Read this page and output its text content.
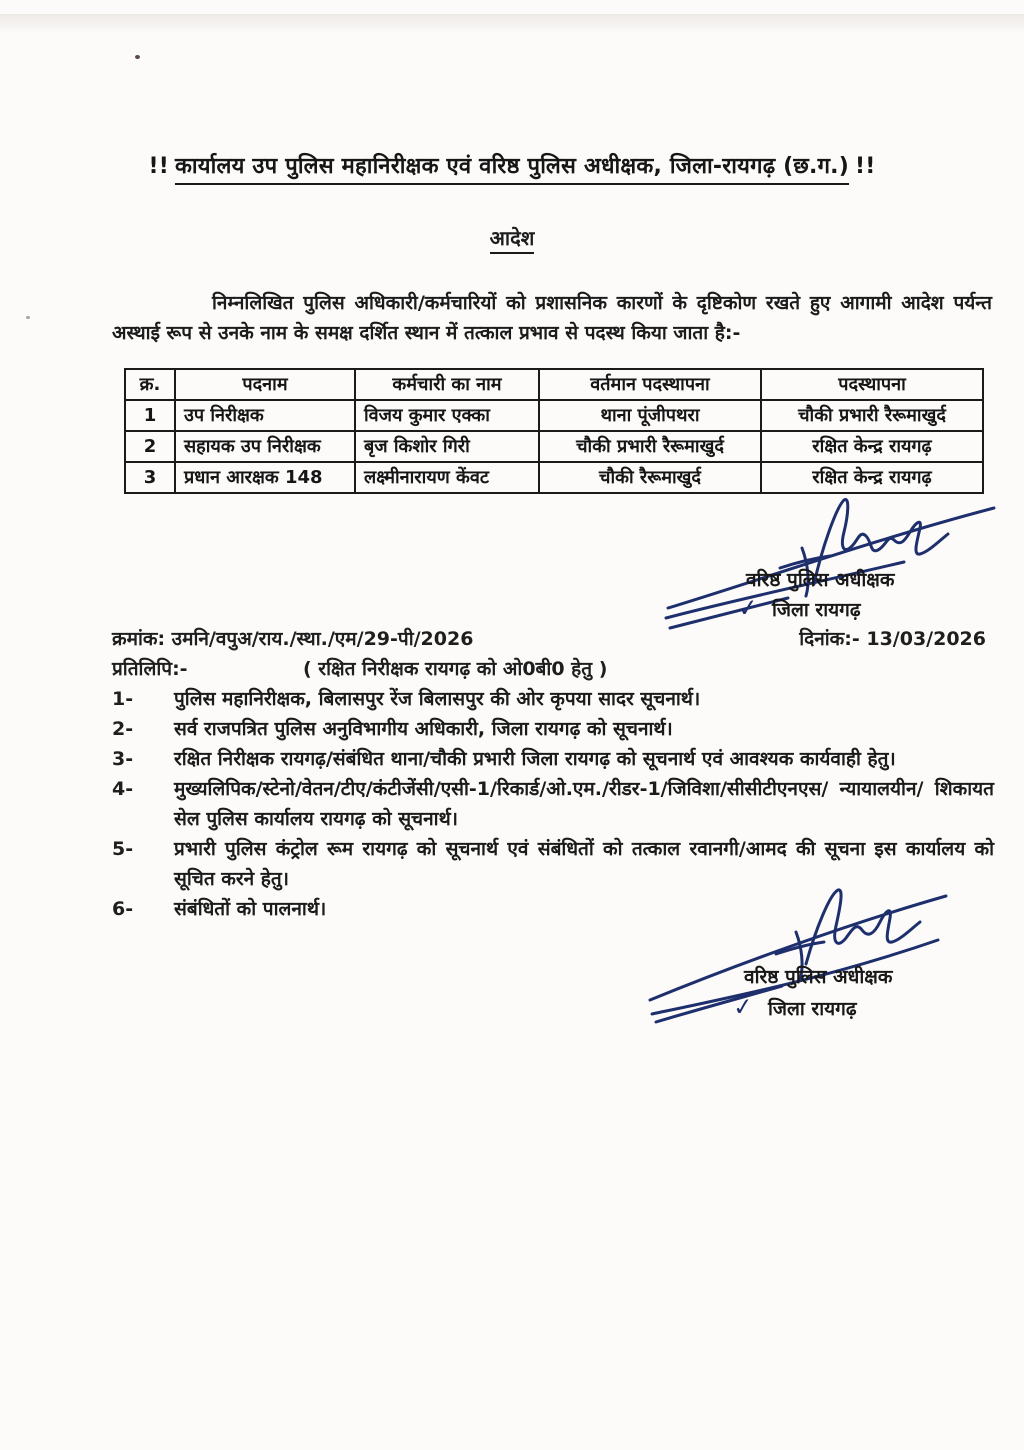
!! कार्यालय उप पुलिस महानिरीक्षक एवं वरिष्ठ पुलिस अधीक्षक, जिला-रायगढ़ (छ.ग.) !!
आदेश
निम्नलिखित पुलिस अधिकारी/कर्मचारियों को प्रशासनिक कारणों के दृष्टिकोण रखते हुए आगामी आदेश पर्यन्त अस्थाई रूप से उनके नाम के समक्ष दर्शित स्थान में तत्काल प्रभाव से पदस्थ किया जाता है:-
क्र.	पदनाम	कर्मचारी का नाम	वर्तमान पदस्थापना	पदस्थापना
1	उप निरीक्षक	विजय कुमार एक्का	थाना पूंजीपथरा	चौकी प्रभारी रैरूमाखुर्द
2	सहायक उप निरीक्षक	बृज किशोर गिरी	चौकी प्रभारी रैरूमाखुर्द	रक्षित केन्द्र रायगढ़
3	प्रधान आरक्षक 148	लक्ष्मीनारायण केंवट	चौकी रैरूमाखुर्द	रक्षित केन्द्र रायगढ़
वरिष्ठ पुलिस अधीक्षक
जिला रायगढ़
✓
क्रमांक: उमनि/वपुअ/राय./स्था./एम/29-पी/2026	दिनांक:- 13/03/2026
प्रतिलिपि:-	( रक्षित निरीक्षक रायगढ़ को ओ0बी0 हेतु )
1-	पुलिस महानिरीक्षक, बिलासपुर रेंज बिलासपुर की ओर कृपया सादर सूचनार्थ।
2-	सर्व राजपत्रित पुलिस अनुविभागीय अधिकारी, जिला रायगढ़ को सूचनार्थ।
3-	रक्षित निरीक्षक रायगढ़/संबंधित थाना/चौकी प्रभारी जिला रायगढ़ को सूचनार्थ एवं आवश्यक कार्यवाही हेतु।
4-	मुख्यलिपिक/स्टेनो/वेतन/टीए/कंटीजेंसी/एसी-1/रिकार्ड/ओ.एम./रीडर-1/जिविशा/सीसीटीएनएस/ न्यायालयीन/ शिकायत सेल पुलिस कार्यालय रायगढ़ को सूचनार्थ।
5-	प्रभारी पुलिस कंट्रोल रूम रायगढ़ को सूचनार्थ एवं संबंधितों को तत्काल रवानगी/आमद की सूचना इस कार्यालय को सूचित करने हेतु।
6-	संबंधितों को पालनार्थ।
वरिष्ठ पुलिस अधीक्षक
जिला रायगढ़
✓
